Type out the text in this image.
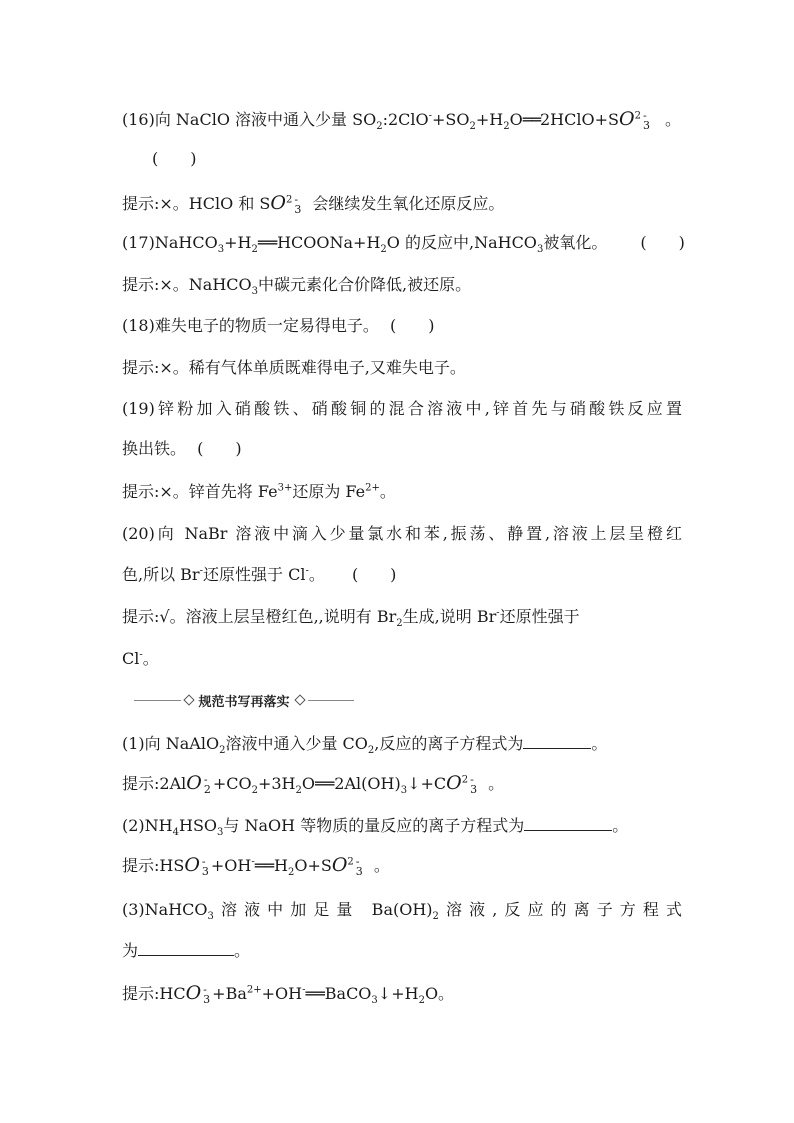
(16)向 NaClO 溶液中通入少量 $SO_2:2ClO^-+SO_2+H_2O══2HClO+SO^2$ -
3 。
(　　)
提示:×。HClO 和 $SO^2$ -
3 会继续发生氧化还原反应。
$(17)NaHCO_3+H_2══HCOONa+H_2O$ 的反应中,NaHCO$_3$被氧化。 (　　)
提示:×。NaHCO$_3$中碳元素化合价降低,被还原。
(18)难失电子的物质一定易得电子。 (　　)
提示:×。稀有气体单质既难得电子,又难失电子。
(19)锌粉加入硝酸铁、硝酸铜的混合溶液中,锌首先与硝酸铁反应置
换出铁。 (　　)
提示:×。锌首先将 $Fe^{3+}$还原为 $Fe^{2+}$。
(20)向 NaBr 溶液中滴入少量氯水和苯,振荡、静置,溶液上层呈橙红
色,所以 Br-还原性强于 Cl-。 (　　)
提示:√。溶液上层呈橙红色,,说明有 $Br_2$生成,说明 Br-还原性强于
Cl-。
规范书写再落实
(1)向 NaAlO$_2$溶液中通入少量 $CO_2$,反应的离子方程式为	。
提示:2AlO -
$2 +CO_2+3H_2O══2Al(OH)_3↓+CO^2$ -
3 。
$(2)NH_4HSO_3$与 NaOH 等物质的量反应的离子方程式为	。
提示:HSO -
$3 +OH^-══H_2O+SO^2$ -
3 。
(3)NaHCO$_3$溶液中加足量 $Ba(OH)_2$溶液,反应的离子方程式
为	。
提示:HCO -
$3 +Ba^{2+}+OH^-══BaCO_3↓+H_2O$。
